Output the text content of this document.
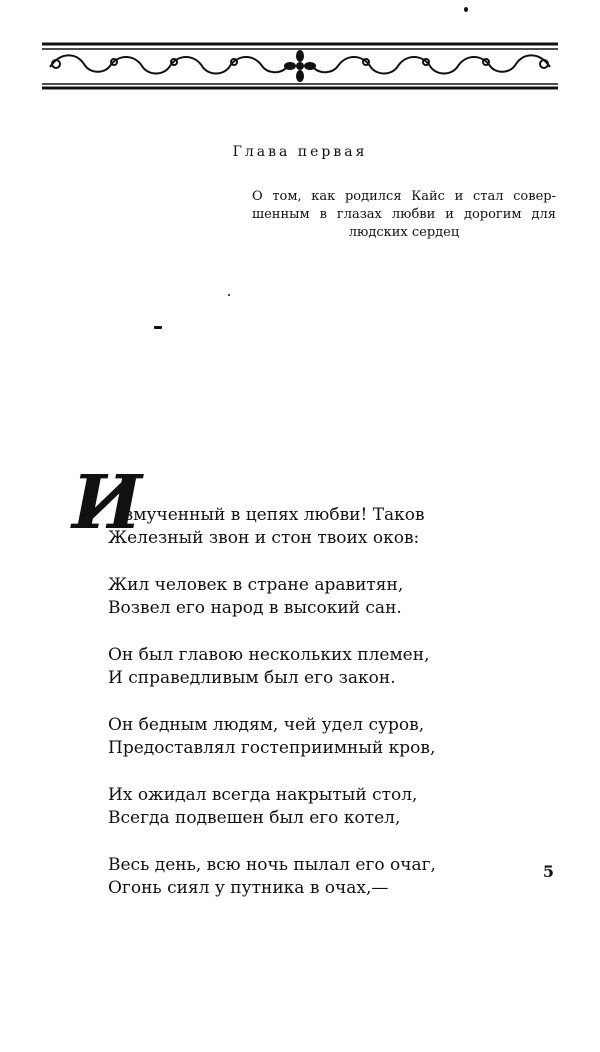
Глава первая
О том, как родился Кайс и стал совер-
шенным в глазах любви и дорогим для
людских сердец
И
змученный в цепях любви! Таков
Железный звон и стон твоих оков:
Жил человек в стране аравитян,
Возвел его народ в высокий сан.
Он был главою нескольких племен,
И справедливым был его закон.
Он бедным людям, чей удел суров,
Предоставлял гостеприимный кров,
Их ожидал всегда накрытый стол,
Всегда подвешен был его котел,
Весь день, всю ночь пылал его очаг,
Огонь сиял у путника в очах,—
5
